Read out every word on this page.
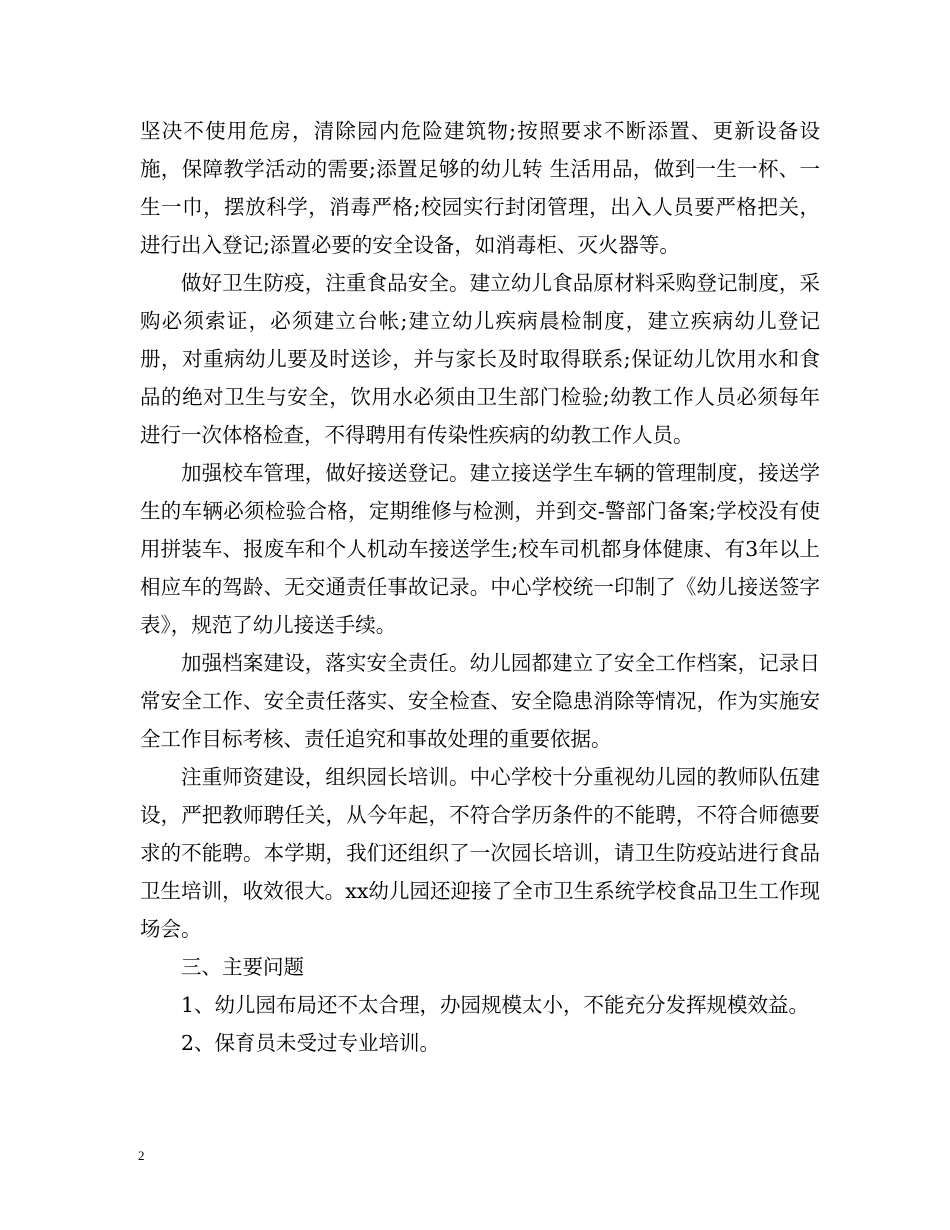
坚决不使用危房，清除园内危险建筑物;按照要求不断添置、更新设备设施，保障教学活动的需要;添置足够的幼儿转 生活用品，做到一生一杯、一生一巾，摆放科学，消毒严格;校园实行封闭管理，出入人员要严格把关，进行出入登记;添置必要的安全设备，如消毒柜、灭火器等。

做好卫生防疫，注重食品安全。建立幼儿食品原材料采购登记制度，采购必须索证，必须建立台帐;建立幼儿疾病晨检制度，建立疾病幼儿登记册，对重病幼儿要及时送诊，并与家长及时取得联系;保证幼儿饮用水和食品的绝对卫生与安全，饮用水必须由卫生部门检验;幼教工作人员必须每年进行一次体格检查，不得聘用有传染性疾病的幼教工作人员。

加强校车管理，做好接送登记。建立接送学生车辆的管理制度，接送学生的车辆必须检验合格，定期维修与检测，并到交-警部门备案;学校没有使用拼装车、报废车和个人机动车接送学生;校车司机都身体健康、有3年以上相应车的驾龄、无交通责任事故记录。中心学校统一印制了《幼儿接送签字表》，规范了幼儿接送手续。

加强档案建设，落实安全责任。幼儿园都建立了安全工作档案，记录日常安全工作、安全责任落实、安全检查、安全隐患消除等情况，作为实施安全工作目标考核、责任追究和事故处理的重要依据。

注重师资建设，组织园长培训。中心学校十分重视幼儿园的教师队伍建设，严把教师聘任关，从今年起，不符合学历条件的不能聘，不符合师德要求的不能聘。本学期，我们还组织了一次园长培训，请卫生防疫站进行食品卫生培训，收效很大。xx幼儿园还迎接了全市卫生系统学校食品卫生工作现场会。

三、主要问题

1、幼儿园布局还不太合理，办园规模太小，不能充分发挥规模效益。

2、保育员未受过专业培训。

2
